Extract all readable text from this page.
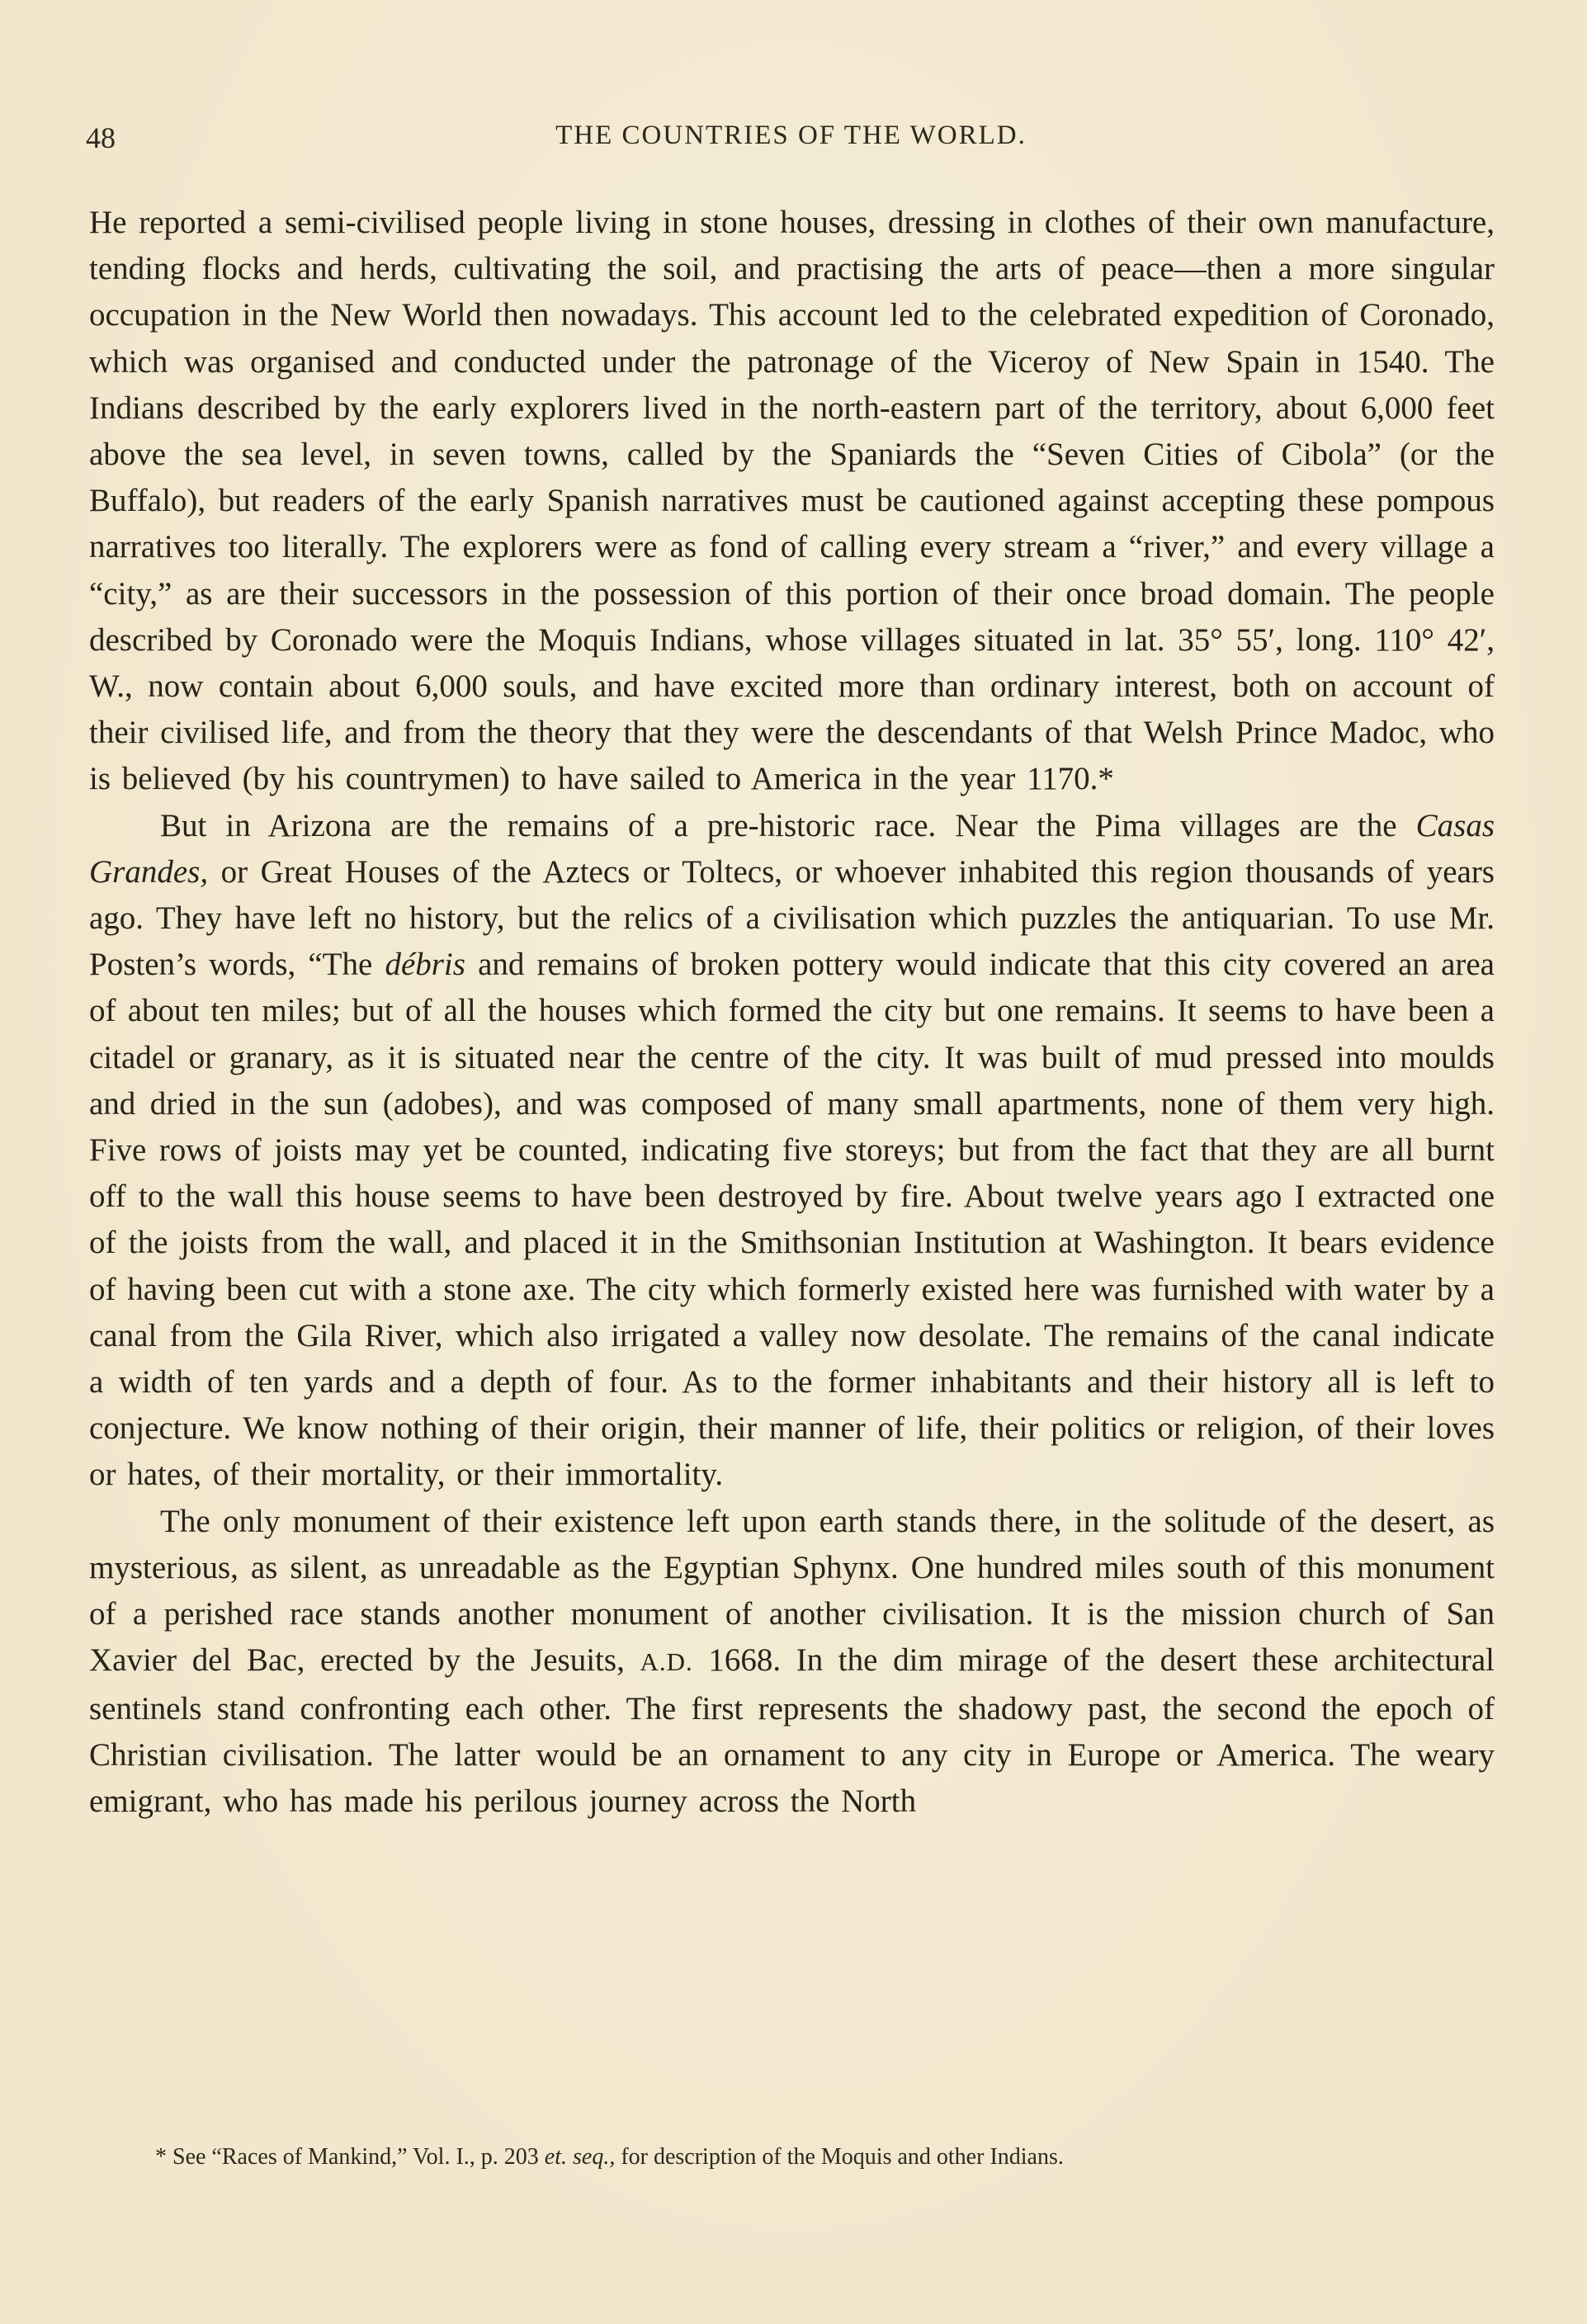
48	THE COUNTRIES OF THE WORLD.

He reported a semi-civilised people living in stone houses, dressing in clothes of their own manufacture, tending flocks and herds, cultivating the soil, and practising the arts of peace—then a more singular occupation in the New World then nowadays. This account led to the celebrated expedition of Coronado, which was organised and conducted under the patronage of the Viceroy of New Spain in 1540. The Indians described by the early explorers lived in the north-eastern part of the territory, about 6,000 feet above the sea level, in seven towns, called by the Spaniards the “Seven Cities of Cibola” (or the Buffalo), but readers of the early Spanish narratives must be cautioned against accepting these pompous narratives too literally. The explorers were as fond of calling every stream a “river,” and every village a “city,” as are their successors in the possession of this portion of their once broad domain. The people described by Coronado were the Moquis Indians, whose villages situated in lat. 35° 55′, long. 110° 42′, W., now contain about 6,000 souls, and have excited more than ordinary interest, both on account of their civilised life, and from the theory that they were the descendants of that Welsh Prince Madoc, who is believed (by his countrymen) to have sailed to America in the year 1170.*

But in Arizona are the remains of a pre-historic race. Near the Pima villages are the Casas Grandes, or Great Houses of the Aztecs or Toltecs, or whoever inhabited this region thousands of years ago. They have left no history, but the relics of a civilisation which puzzles the antiquarian. To use Mr. Posten’s words, “The débris and remains of broken pottery would indicate that this city covered an area of about ten miles; but of all the houses which formed the city but one remains. It seems to have been a citadel or granary, as it is situated near the centre of the city. It was built of mud pressed into moulds and dried in the sun (adobes), and was composed of many small apartments, none of them very high. Five rows of joists may yet be counted, indicating five storeys; but from the fact that they are all burnt off to the wall this house seems to have been destroyed by fire. About twelve years ago I extracted one of the joists from the wall, and placed it in the Smithsonian Institution at Washington. It bears evidence of having been cut with a stone axe. The city which formerly existed here was furnished with water by a canal from the Gila River, which also irrigated a valley now desolate. The remains of the canal indicate a width of ten yards and a depth of four. As to the former inhabitants and their history all is left to conjecture. We know nothing of their origin, their manner of life, their politics or religion, of their loves or hates, of their mortality, or their immortality.

The only monument of their existence left upon earth stands there, in the solitude of the desert, as mysterious, as silent, as unreadable as the Egyptian Sphynx. One hundred miles south of this monument of a perished race stands another monument of another civilisation. It is the mission church of San Xavier del Bac, erected by the Jesuits, A.D. 1668. In the dim mirage of the desert these architectural sentinels stand confronting each other. The first represents the shadowy past, the second the epoch of Christian civilisation. The latter would be an ornament to any city in Europe or America. The weary emigrant, who has made his perilous journey across the North

* See “Races of Mankind,” Vol. I., p. 203 et. seq., for description of the Moquis and other Indians.
